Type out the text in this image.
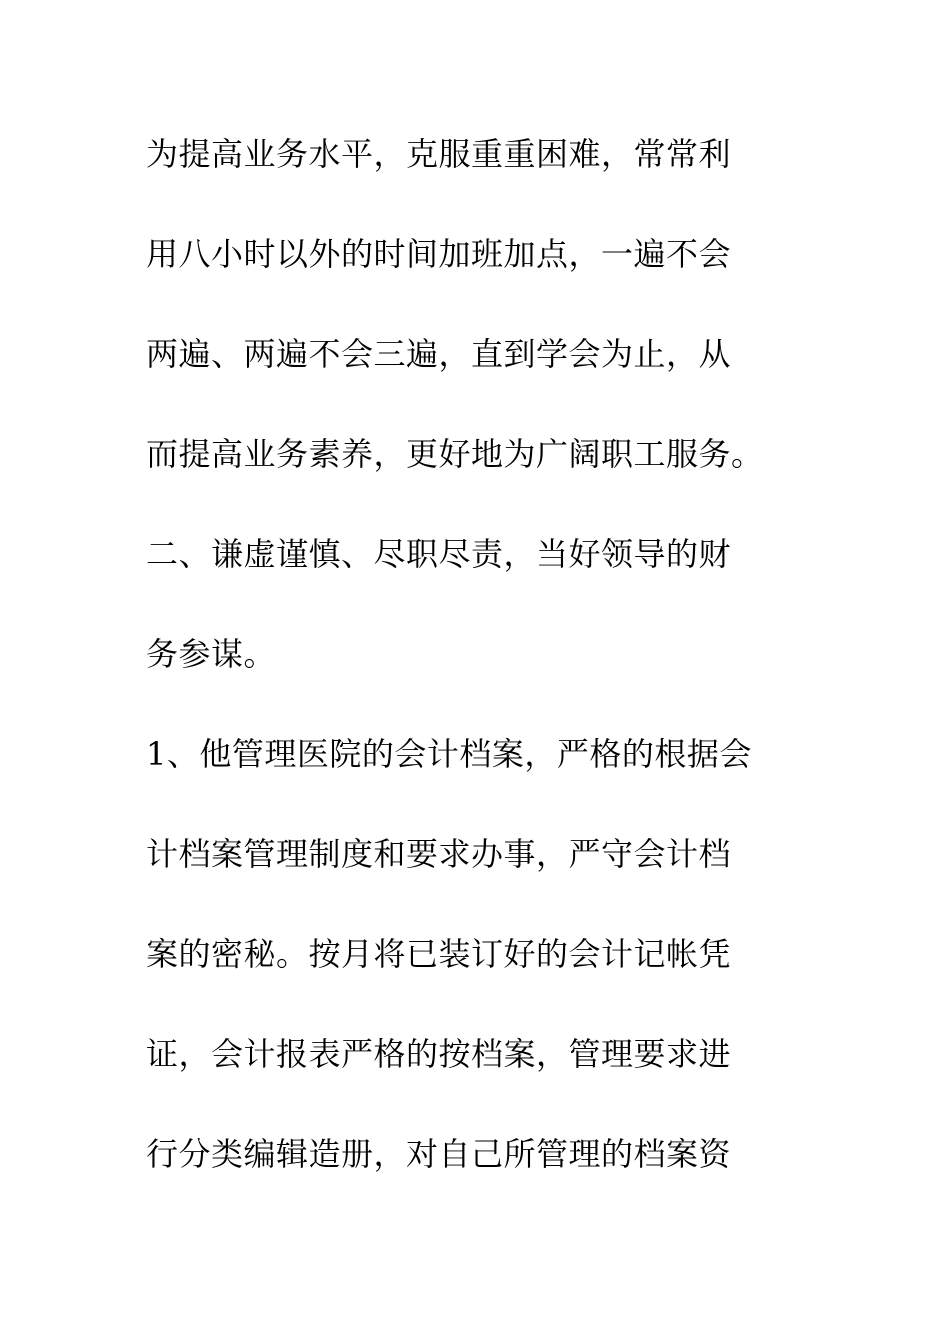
为提高业务水平，克服重重困难，常常利
用八小时以外的时间加班加点，一遍不会
两遍、两遍不会三遍，直到学会为止，从
而提高业务素养，更好地为广阔职工服务。
二、谦虚谨慎、尽职尽责，当好领导的财
务参谋。
1、他管理医院的会计档案，严格的根据会
计档案管理制度和要求办事，严守会计档
案的密秘。按月将已装订好的会计记帐凭
证，会计报表严格的按档案，管理要求进
行分类编辑造册，对自己所管理的档案资
